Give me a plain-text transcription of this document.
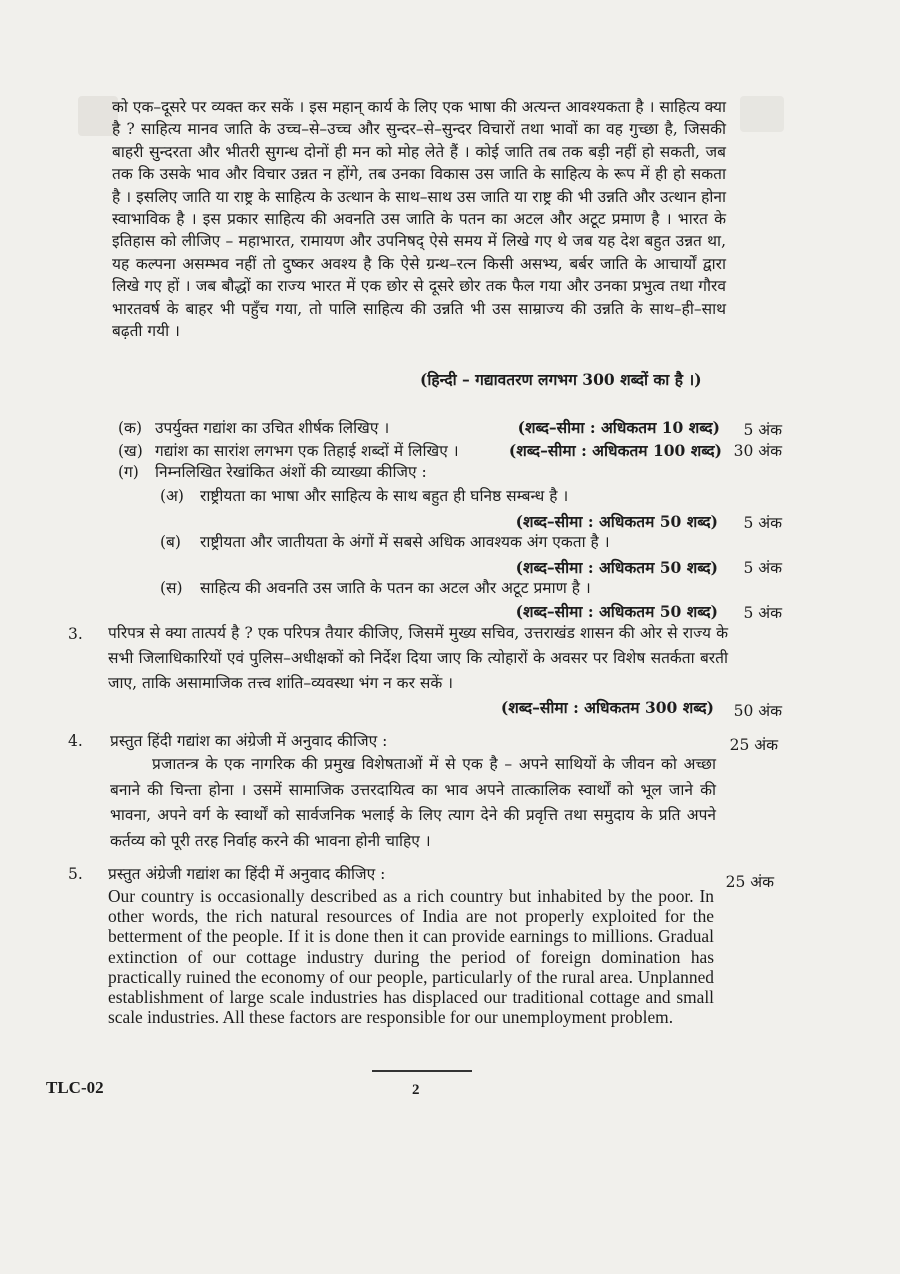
को एक–दूसरे पर व्यक्त कर सकें । इस महान् कार्य के लिए एक भाषा की अत्यन्त आवश्यकता है । साहित्य क्या है ? साहित्य मानव जाति के उच्च–से–उच्च और सुन्दर–से–सुन्दर विचारों तथा भावों का वह गुच्छा है, जिसकी बाहरी सुन्दरता और भीतरी सुगन्ध दोनों ही मन को मोह लेते हैं । कोई जाति तब तक बड़ी नहीं हो सकती, जब तक कि उसके भाव और विचार उन्नत न होंगे, तब उनका विकास उस जाति के साहित्य के रूप में ही हो सकता है । इसलिए जाति या राष्ट्र के साहित्य के उत्थान के साथ–साथ उस जाति या राष्ट्र की भी उन्नति और उत्थान होना स्वाभाविक है । इस प्रकार साहित्य की अवनति उस जाति के पतन का अटल और अटूट प्रमाण है । भारत के इतिहास को लीजिए – महाभारत, रामायण और उपनिषद् ऐसे समय में लिखे गए थे जब यह देश बहुत उन्नत था, यह कल्पना असम्भव नहीं तो दुष्कर अवश्य है कि ऐसे ग्रन्थ–रत्न किसी असभ्य, बर्बर जाति के आचार्यों द्वारा लिखे गए हों । जब बौद्धों का राज्य भारत में एक छोर से दूसरे छोर तक फैल गया और उनका प्रभुत्व तथा गौरव भारतवर्ष के बाहर भी पहुँच गया, तो पालि साहित्य की उन्नति भी उस साम्राज्य की उन्नति के साथ–ही–साथ बढ़ती गयी ।
(हिन्दी – गद्यावतरण लगभग 300 शब्दों का है ।)
(क) उपर्युक्त गद्यांश का उचित शीर्षक लिखिए ।	(शब्द–सीमा : अधिकतम 10 शब्द) 5 अंक
(ख) गद्यांश का सारांश लगभग एक तिहाई शब्दों में लिखिए ।	(शब्द–सीमा : अधिकतम 100 शब्द) 30 अंक
(ग) निम्नलिखित रेखांकित अंशों की व्याख्या कीजिए :
(अ) राष्ट्रीयता का भाषा और साहित्य के साथ बहुत ही घनिष्ठ सम्बन्ध है ।
(शब्द–सीमा : अधिकतम 50 शब्द) 5 अंक
(ब) राष्ट्रीयता और जातीयता के अंगों में सबसे अधिक आवश्यक अंग एकता है ।
(शब्द–सीमा : अधिकतम 50 शब्द) 5 अंक
(स) साहित्य की अवनति उस जाति के पतन का अटल और अटूट प्रमाण है ।
(शब्द–सीमा : अधिकतम 50 शब्द) 5 अंक
3. परिपत्र से क्या तात्पर्य है ? एक परिपत्र तैयार कीजिए, जिसमें मुख्य सचिव, उत्तराखंड शासन की ओर से राज्य के सभी जिलाधिकारियों एवं पुलिस–अधीक्षकों को निर्देश दिया जाए कि त्योहारों के अवसर पर विशेष सतर्कता बरती जाए, ताकि असामाजिक तत्त्व शांति–व्यवस्था भंग न कर सकें ।
(शब्द–सीमा : अधिकतम 300 शब्द) 50 अंक
4. प्रस्तुत हिंदी गद्यांश का अंग्रेजी में अनुवाद कीजिए :	25 अंक
प्रजातन्त्र के एक नागरिक की प्रमुख विशेषताओं में से एक है – अपने साथियों के जीवन को अच्छा बनाने की चिन्ता होना । उसमें सामाजिक उत्तरदायित्व का भाव अपने तात्कालिक स्वार्थों को भूल जाने की भावना, अपने वर्ग के स्वार्थों को सार्वजनिक भलाई के लिए त्याग देने की प्रवृत्ति तथा समुदाय के प्रति अपने कर्तव्य को पूरी तरह निर्वाह करने की भावना होनी चाहिए ।
5. प्रस्तुत अंग्रेजी गद्यांश का हिंदी में अनुवाद कीजिए :	25 अंक
Our country is occasionally described as a rich country but inhabited by the poor. In other words, the rich natural resources of India are not properly exploited for the betterment of the people. If it is done then it can provide earnings to millions. Gradual extinction of our cottage industry during the period of foreign domination has practically ruined the economy of our people, particularly of the rural area. Unplanned establishment of large scale industries has displaced our traditional cottage and small scale industries. All these factors are responsible for our unemployment problem.
TLC-02	2
